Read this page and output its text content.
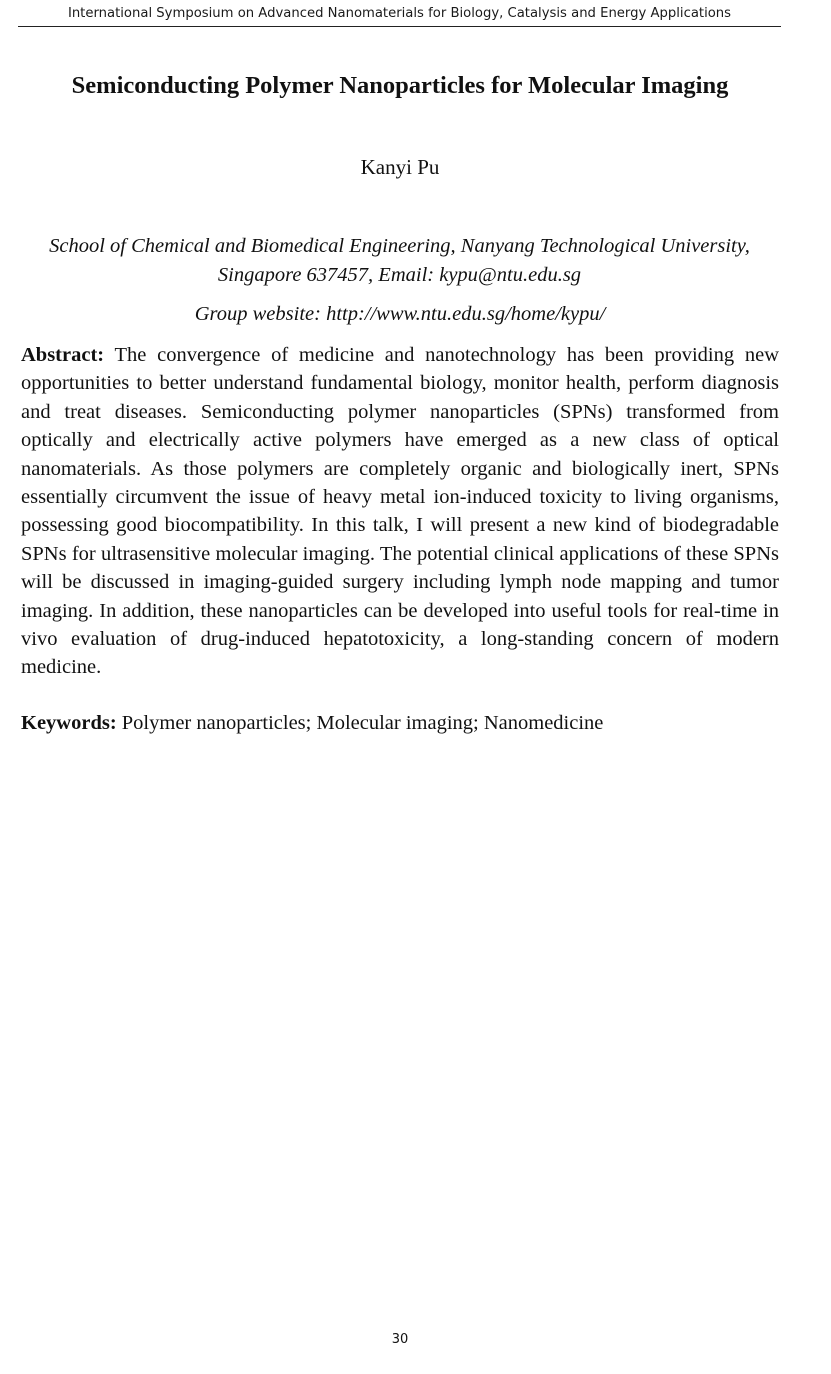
International Symposium on Advanced Nanomaterials for Biology, Catalysis and Energy Applications
Semiconducting Polymer Nanoparticles for Molecular Imaging
Kanyi Pu
School of Chemical and Biomedical Engineering, Nanyang Technological University,
Singapore 637457, Email: kypu@ntu.edu.sg
Group website: http://www.ntu.edu.sg/home/kypu/

Abstract: The convergence of medicine and nanotechnology has been providing new opportunities to better understand fundamental biology, monitor health, perform diagnosis and treat diseases. Semiconducting polymer nanoparticles (SPNs) transformed from optically and electrically active polymers have emerged as a new class of optical nanomaterials. As those polymers are completely organic and biologically inert, SPNs essentially circumvent the issue of heavy metal ion-induced toxicity to living organisms, possessing good biocompatibility. In this talk, I will present a new kind of biodegradable SPNs for ultrasensitive molecular imaging. The potential clinical applications of these SPNs will be discussed in imaging-guided surgery including lymph node mapping and tumor imaging. In addition, these nanoparticles can be developed into useful tools for real-time in vivo evaluation of drug-induced hepatotoxicity, a long-standing concern of modern medicine.

Keywords: Polymer nanoparticles; Molecular imaging; Nanomedicine

30
